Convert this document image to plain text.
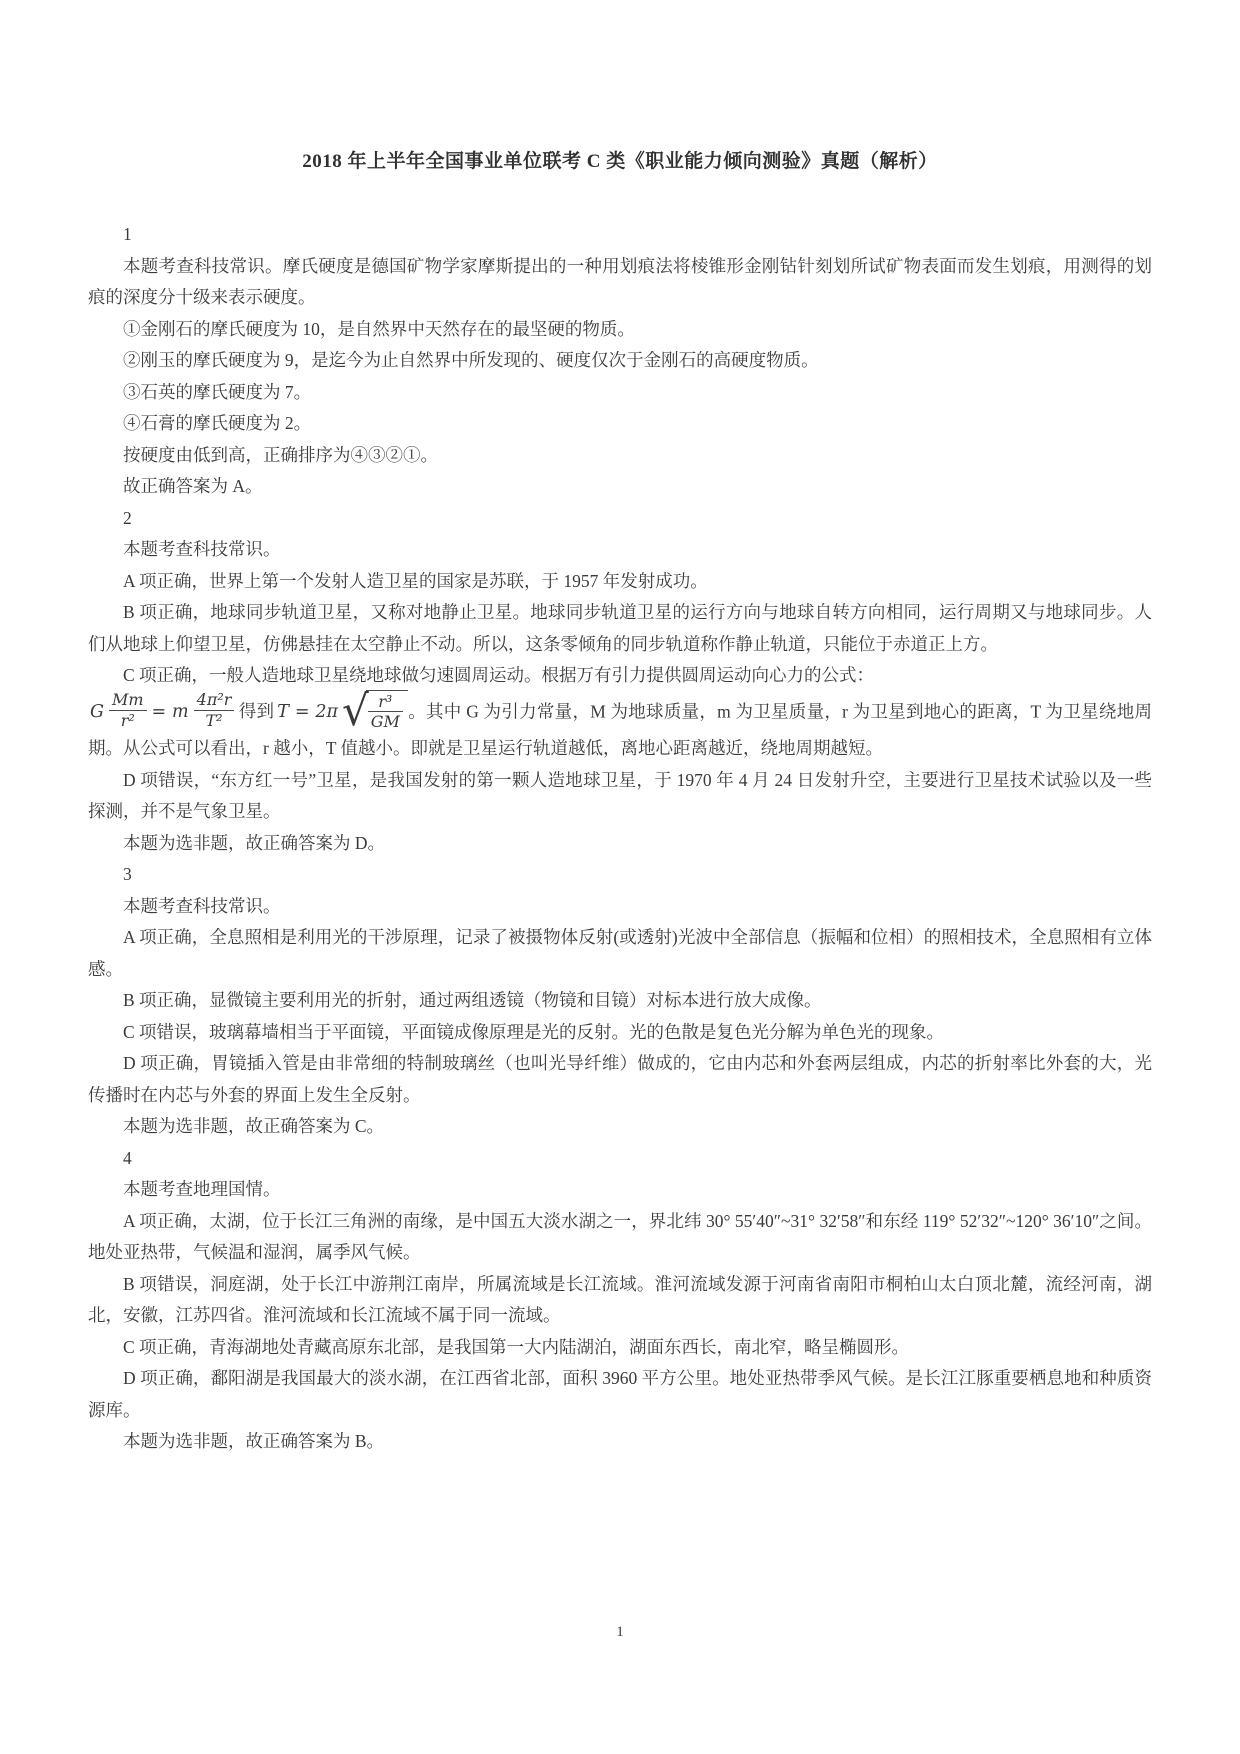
2018 年上半年全国事业单位联考 C 类《职业能力倾向测验》真题（解析）

1

本题考查科技常识。摩氏硬度是德国矿物学家摩斯提出的一种用划痕法将棱锥形金刚钻针刻划所试矿物表面而发生划痕，用测得的划痕的深度分十级来表示硬度。

①金刚石的摩氏硬度为 10，是自然界中天然存在的最坚硬的物质。

②刚玉的摩氏硬度为 9，是迄今为止自然界中所发现的、硬度仅次于金刚石的高硬度物质。

③石英的摩氏硬度为 7。

④石膏的摩氏硬度为 2。

按硬度由低到高，正确排序为④③②①。

故正确答案为 A。

2

本题考查科技常识。

A 项正确，世界上第一个发射人造卫星的国家是苏联，于 1957 年发射成功。

B 项正确，地球同步轨道卫星，又称对地静止卫星。地球同步轨道卫星的运行方向与地球自转方向相同，运行周期又与地球同步。人们从地球上仰望卫星，仿佛悬挂在太空静止不动。所以，这条零倾角的同步轨道称作静止轨道，只能位于赤道正上方。

C 项正确，一般人造地球卫星绕地球做匀速圆周运动。根据万有引力提供圆周运动向心力的公式：

G $\frac{Mm}{\text{r²}} = m \frac{\text{4π²r}}{\text{T²}}$ 得到 T = 2π √ $\frac{\text{r³}}{GM}$ 。其中 G 为引力常量，M 为地球质量，m 为卫星质量，r 为卫星到地心的距离，T 为卫星绕地周期。从公式可以看出，r 越小，T 值越小。即就是卫星运行轨道越低，离地心距离越近，绕地周期越短。

D 项错误，“东方红一号”卫星，是我国发射的第一颗人造地球卫星，于 1970 年 4 月 24 日发射升空，主要进行卫星技术试验以及一些探测，并不是气象卫星。

本题为选非题，故正确答案为 D。

3

本题考查科技常识。

A 项正确，全息照相是利用光的干涉原理，记录了被摄物体反射(或透射)光波中全部信息（振幅和位相）的照相技术，全息照相有立体感。

B 项正确，显微镜主要利用光的折射，通过两组透镜（物镜和目镜）对标本进行放大成像。

C 项错误，玻璃幕墙相当于平面镜，平面镜成像原理是光的反射。光的色散是复色光分解为单色光的现象。

D 项正确，胃镜插入管是由非常细的特制玻璃丝（也叫光导纤维）做成的，它由内芯和外套两层组成，内芯的折射率比外套的大，光传播时在内芯与外套的界面上发生全反射。

本题为选非题，故正确答案为 C。

4

本题考查地理国情。

A 项正确，太湖，位于长江三角洲的南缘，是中国五大淡水湖之一，界北纬 30° 55′40″~31° 32′58″和东经 119° 52′32″~120° 36′10″之间。地处亚热带，气候温和湿润，属季风气候。

B 项错误，洞庭湖，处于长江中游荆江南岸，所属流域是长江流域。淮河流域发源于河南省南阳市桐柏山太白顶北麓，流经河南，湖北，安徽，江苏四省。淮河流域和长江流域不属于同一流域。

C 项正确，青海湖地处青藏高原东北部，是我国第一大内陆湖泊，湖面东西长，南北窄，略呈椭圆形。

D 项正确，鄱阳湖是我国最大的淡水湖，在江西省北部，面积 3960 平方公里。地处亚热带季风气候。是长江江豚重要栖息地和种质资源库。

本题为选非题，故正确答案为 B。

1
